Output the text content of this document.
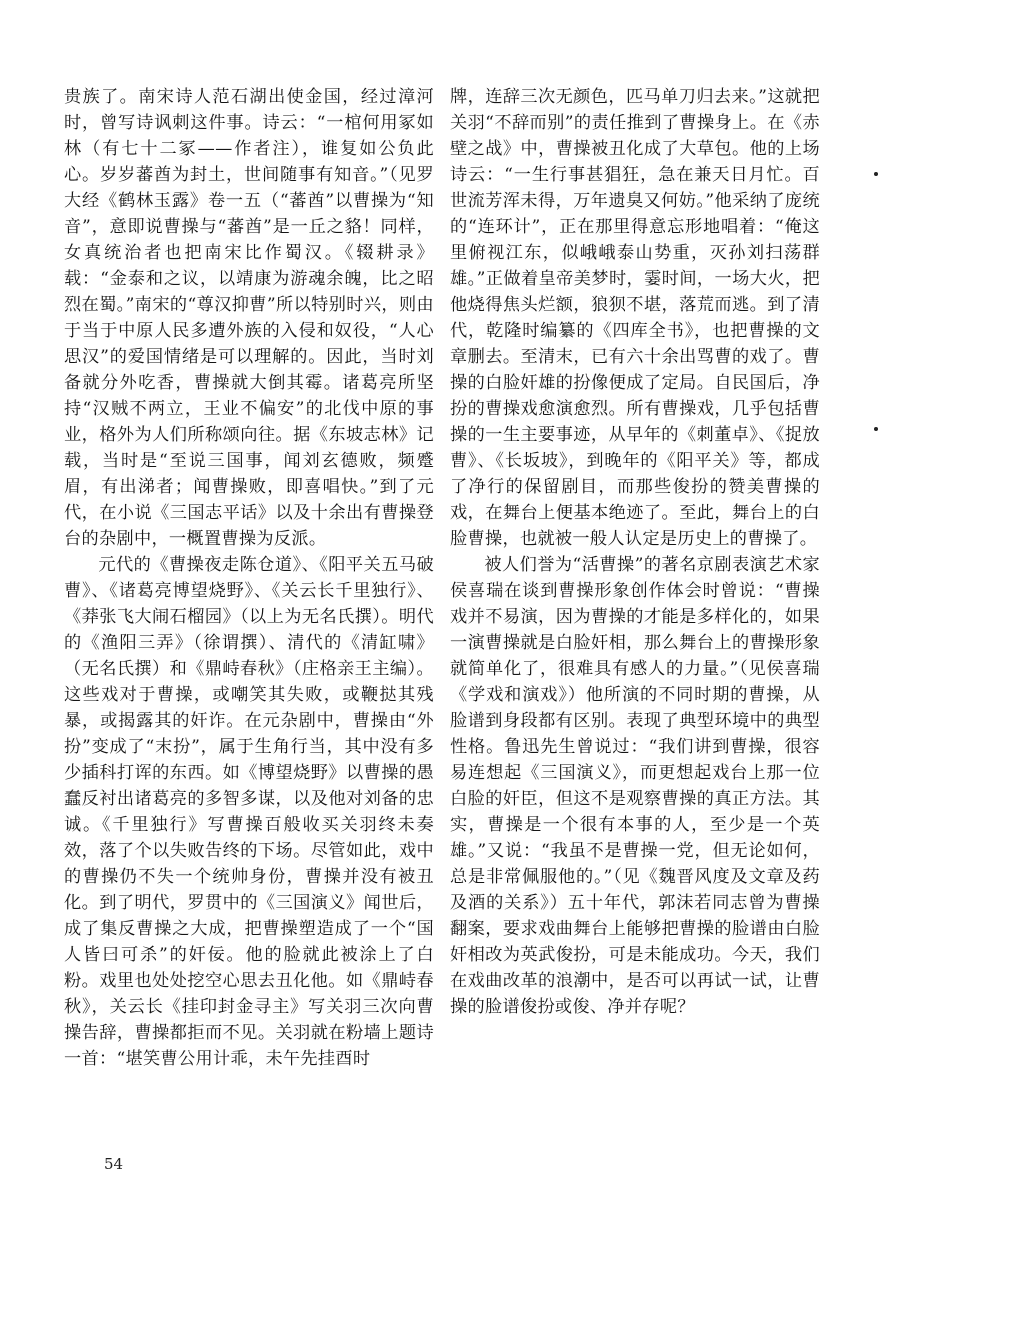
贵族了。南宋诗人范石湖出使金国，经过漳河时，曾写诗讽刺这件事。诗云：“一棺何用冢如林（有七十二冢——作者注），谁复如公负此心。岁岁蕃酋为封土，世间随事有知音。”（见罗大经《鹤林玉露》卷一五（“蕃酋”以曹操为“知音”，意即说曹操与“蕃酋”是一丘之貉！同样，女真统治者也把南宋比作蜀汉。《辍耕录》载：“金泰和之议，以靖康为游魂余魄，比之昭烈在蜀。”南宋的“尊汉抑曹”所以特别时兴，则由于当于中原人民多遭外族的入侵和奴役，“人心思汉”的爱国情绪是可以理解的。因此，当时刘备就分外吃香，曹操就大倒其霉。诸葛亮所坚持“汉贼不两立，王业不偏安”的北伐中原的事业，格外为人们所称颂向往。据《东坡志林》记载，当时是“至说三国事，闻刘玄德败，频蹙眉，有出涕者；闻曹操败，即喜唱快。”到了元代，在小说《三国志平话》以及十余出有曹操登台的杂剧中，一概置曹操为反派。

元代的《曹操夜走陈仓道》、《阳平关五马破曹》、《诸葛亮博望烧野》、《关云长千里独行》、《莽张飞大闹石榴园》（以上为无名氏撰）。明代的《渔阳三弄》（徐谓撰）、清代的《清缸啸》（无名氏撰）和《鼎峙春秋》（庄格亲王主编）。这些戏对于曹操，或嘲笑其失败，或鞭挞其残暴，或揭露其的奸诈。在元杂剧中，曹操由“外扮”变成了“末扮”，属于生角行当，其中没有多少插科打诨的东西。如《博望烧野》以曹操的愚蠢反衬出诸葛亮的多智多谋，以及他对刘备的忠诚。《千里独行》写曹操百般收买关羽终未奏效，落了个以失败告终的下场。尽管如此，戏中的曹操仍不失一个统帅身份，曹操并没有被丑化。到了明代，罗贯中的《三国演义》闻世后，成了集反曹操之大成，把曹操塑造成了一个“国人皆曰可杀”的奸佞。他的脸就此被涂上了白粉。戏里也处处挖空心思去丑化他。如《鼎峙春秋》，关云长《挂印封金寻主》写关羽三次向曹操告辞，曹操都拒而不见。关羽就在粉墙上题诗一首：“堪笑曹公用计乖，未午先挂酉时

牌，连辞三次无颜色，匹马单刀归去来。”这就把关羽“不辞而别”的责任推到了曹操身上。在《赤壁之战》中，曹操被丑化成了大草包。他的上场诗云：“一生行事甚猖狂，急在兼天日月忙。百世流芳浑未得，万年遗臭又何妨。”他采纳了庞统的“连环计”，正在那里得意忘形地唱着：“俺这里俯视江东，似峨峨泰山势重，灭孙刘扫荡群雄。”正做着皇帝美梦时，霎时间，一场大火，把他烧得焦头烂额，狼狈不堪，落荒而逃。到了清代，乾隆时编纂的《四库全书》，也把曹操的文章删去。至清末，已有六十余出骂曹的戏了。曹操的白脸奸雄的扮像便成了定局。自民国后，净扮的曹操戏愈演愈烈。所有曹操戏，几乎包括曹操的一生主要事迹，从早年的《刺董卓》、《捉放曹》、《长坂坡》，到晚年的《阳平关》等，都成了净行的保留剧目，而那些俊扮的赞美曹操的戏，在舞台上便基本绝迹了。至此，舞台上的白脸曹操，也就被一般人认定是历史上的曹操了。

被人们誉为“活曹操”的著名京剧表演艺术家侯喜瑞在谈到曹操形象创作体会时曾说：“曹操戏并不易演，因为曹操的才能是多样化的，如果一演曹操就是白脸奸相，那么舞台上的曹操形象就简单化了，很难具有感人的力量。”（见侯喜瑞《学戏和演戏》）他所演的不同时期的曹操，从脸谱到身段都有区别。表现了典型环境中的典型性格。鲁迅先生曾说过：“我们讲到曹操，很容易连想起《三国演义》，而更想起戏台上那一位白脸的奸臣，但这不是观察曹操的真正方法。其实，曹操是一个很有本事的人，至少是一个英雄。”又说：“我虽不是曹操一党，但无论如何，总是非常佩服他的。”（见《魏晋风度及文章及药及酒的关系》）五十年代，郭沫若同志曾为曹操翻案，要求戏曲舞台上能够把曹操的脸谱由白脸奸相改为英武俊扮，可是未能成功。今天，我们在戏曲改革的浪潮中，是否可以再试一试，让曹操的脸谱俊扮或俊、净并存呢？

54
